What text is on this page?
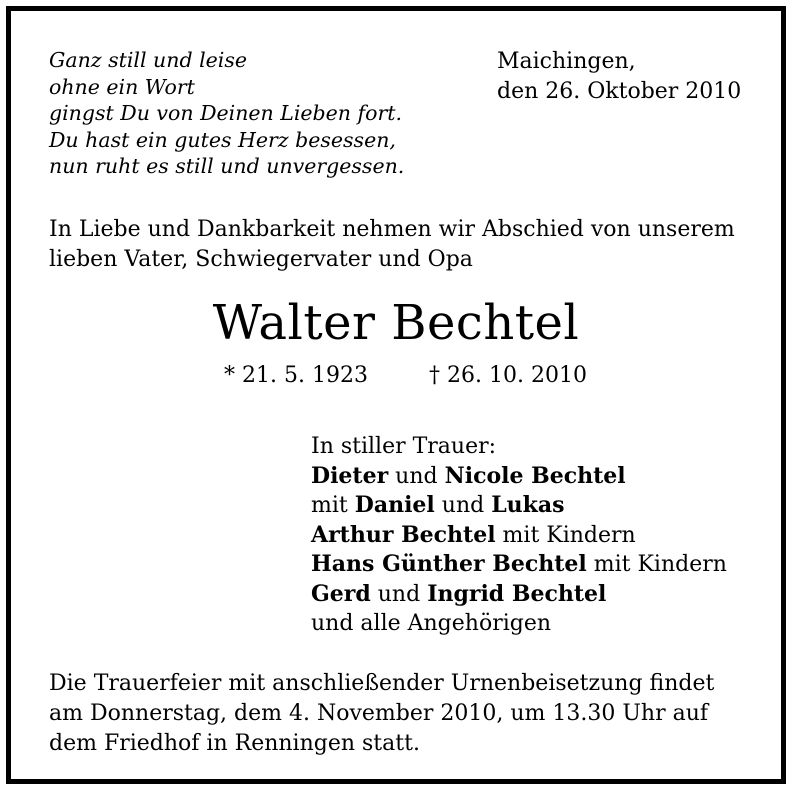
Ganz still und leise
ohne ein Wort
gingst Du von Deinen Lieben fort.
Du hast ein gutes Herz besessen,
nun ruht es still und unvergessen.
Maichingen,
den 26. Oktober 2010
In Liebe und Dankbarkeit nehmen wir Abschied von unserem
lieben Vater, Schwiegervater und Opa
Walter Bechtel
* 21. 5. 1923	† 26. 10. 2010
In stiller Trauer:
Dieter und Nicole Bechtel
mit Daniel und Lukas
Arthur Bechtel mit Kindern
Hans Günther Bechtel mit Kindern
Gerd und Ingrid Bechtel
und alle Angehörigen
Die Trauerfeier mit anschließender Urnenbeisetzung findet
am Donnerstag, dem 4. November 2010, um 13.30 Uhr auf
dem Friedhof in Renningen statt.
